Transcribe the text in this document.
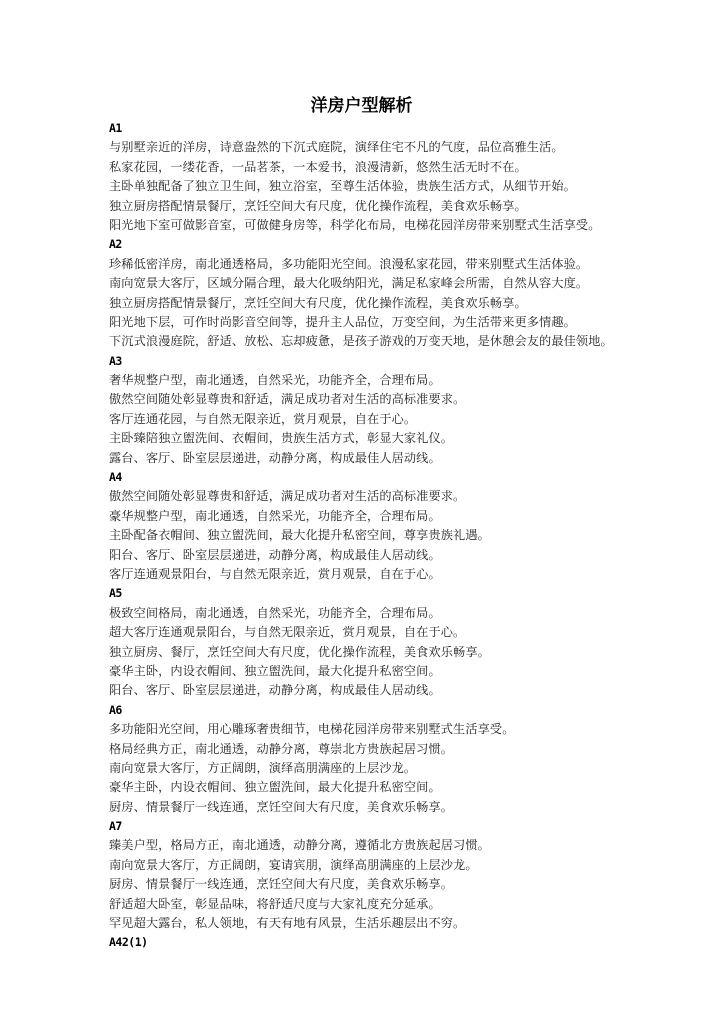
洋房户型解析
A1
与别墅亲近的洋房，诗意盎然的下沉式庭院，演绎住宅不凡的气度，品位高雅生活。
私家花园，一缕花香，一品茗茶，一本爱书，浪漫清新，悠然生活无时不在。
主卧单独配备了独立卫生间，独立浴室，至尊生活体验，贵族生活方式，从细节开始。
独立厨房搭配情景餐厅，烹饪空间大有尺度，优化操作流程，美食欢乐畅享。
阳光地下室可做影音室，可做健身房等，科学化布局，电梯花园洋房带来别墅式生活享受。
A2
珍稀低密洋房，南北通透格局，多功能阳光空间。浪漫私家花园，带来别墅式生活体验。
南向宽景大客厅，区域分隔合理，最大化吸纳阳光，满足私家峰会所需，自然从容大度。
独立厨房搭配情景餐厅，烹饪空间大有尺度，优化操作流程，美食欢乐畅享。
阳光地下层，可作时尚影音空间等，提升主人品位，万变空间，为生活带来更多情趣。
下沉式浪漫庭院，舒适、放松、忘却疲惫，是孩子游戏的万变天地，是休憩会友的最佳领地。
A3
奢华规整户型，南北通透，自然采光，功能齐全，合理布局。
傲然空间随处彰显尊贵和舒适，满足成功者对生活的高标准要求。
客厅连通花园，与自然无限亲近，赏月观景，自在于心。
主卧臻陪独立盥洗间、衣帽间，贵族生活方式，彰显大家礼仪。
露台、客厅、卧室层层递进，动静分离，构成最佳人居动线。
A4
傲然空间随处彰显尊贵和舒适，满足成功者对生活的高标准要求。
豪华规整户型，南北通透，自然采光，功能齐全，合理布局。
主卧配备衣帽间、独立盥洗间，最大化提升私密空间，尊享贵族礼遇。
阳台、客厅、卧室层层递进，动静分离，构成最佳人居动线。
客厅连通观景阳台，与自然无限亲近，赏月观景，自在于心。
A5
极致空间格局，南北通透，自然采光，功能齐全，合理布局。
超大客厅连通观景阳台，与自然无限亲近，赏月观景，自在于心。
独立厨房、餐厅，烹饪空间大有尺度，优化操作流程，美食欢乐畅享。
豪华主卧，内设衣帽间、独立盥洗间，最大化提升私密空间。
阳台、客厅、卧室层层递进，动静分离，构成最佳人居动线。
A6
多功能阳光空间，用心雕琢奢贵细节，电梯花园洋房带来别墅式生活享受。
格局经典方正，南北通透，动静分离，尊崇北方贵族起居习惯。
南向宽景大客厅，方正阔朗，演绎高朋满座的上层沙龙。
豪华主卧，内设衣帽间、独立盥洗间，最大化提升私密空间。
厨房、情景餐厅一线连通，烹饪空间大有尺度，美食欢乐畅享。
A7
臻美户型，格局方正，南北通透，动静分离，遵循北方贵族起居习惯。
南向宽景大客厅，方正阔朗，宴请宾朋，演绎高朋满座的上层沙龙。
厨房、情景餐厅一线连通，烹饪空间大有尺度，美食欢乐畅享。
舒适超大卧室，彰显品味，将舒适尺度与大家礼度充分延承。
罕见超大露台，私人领地，有天有地有风景，生活乐趣层出不穷。
A42(1)
